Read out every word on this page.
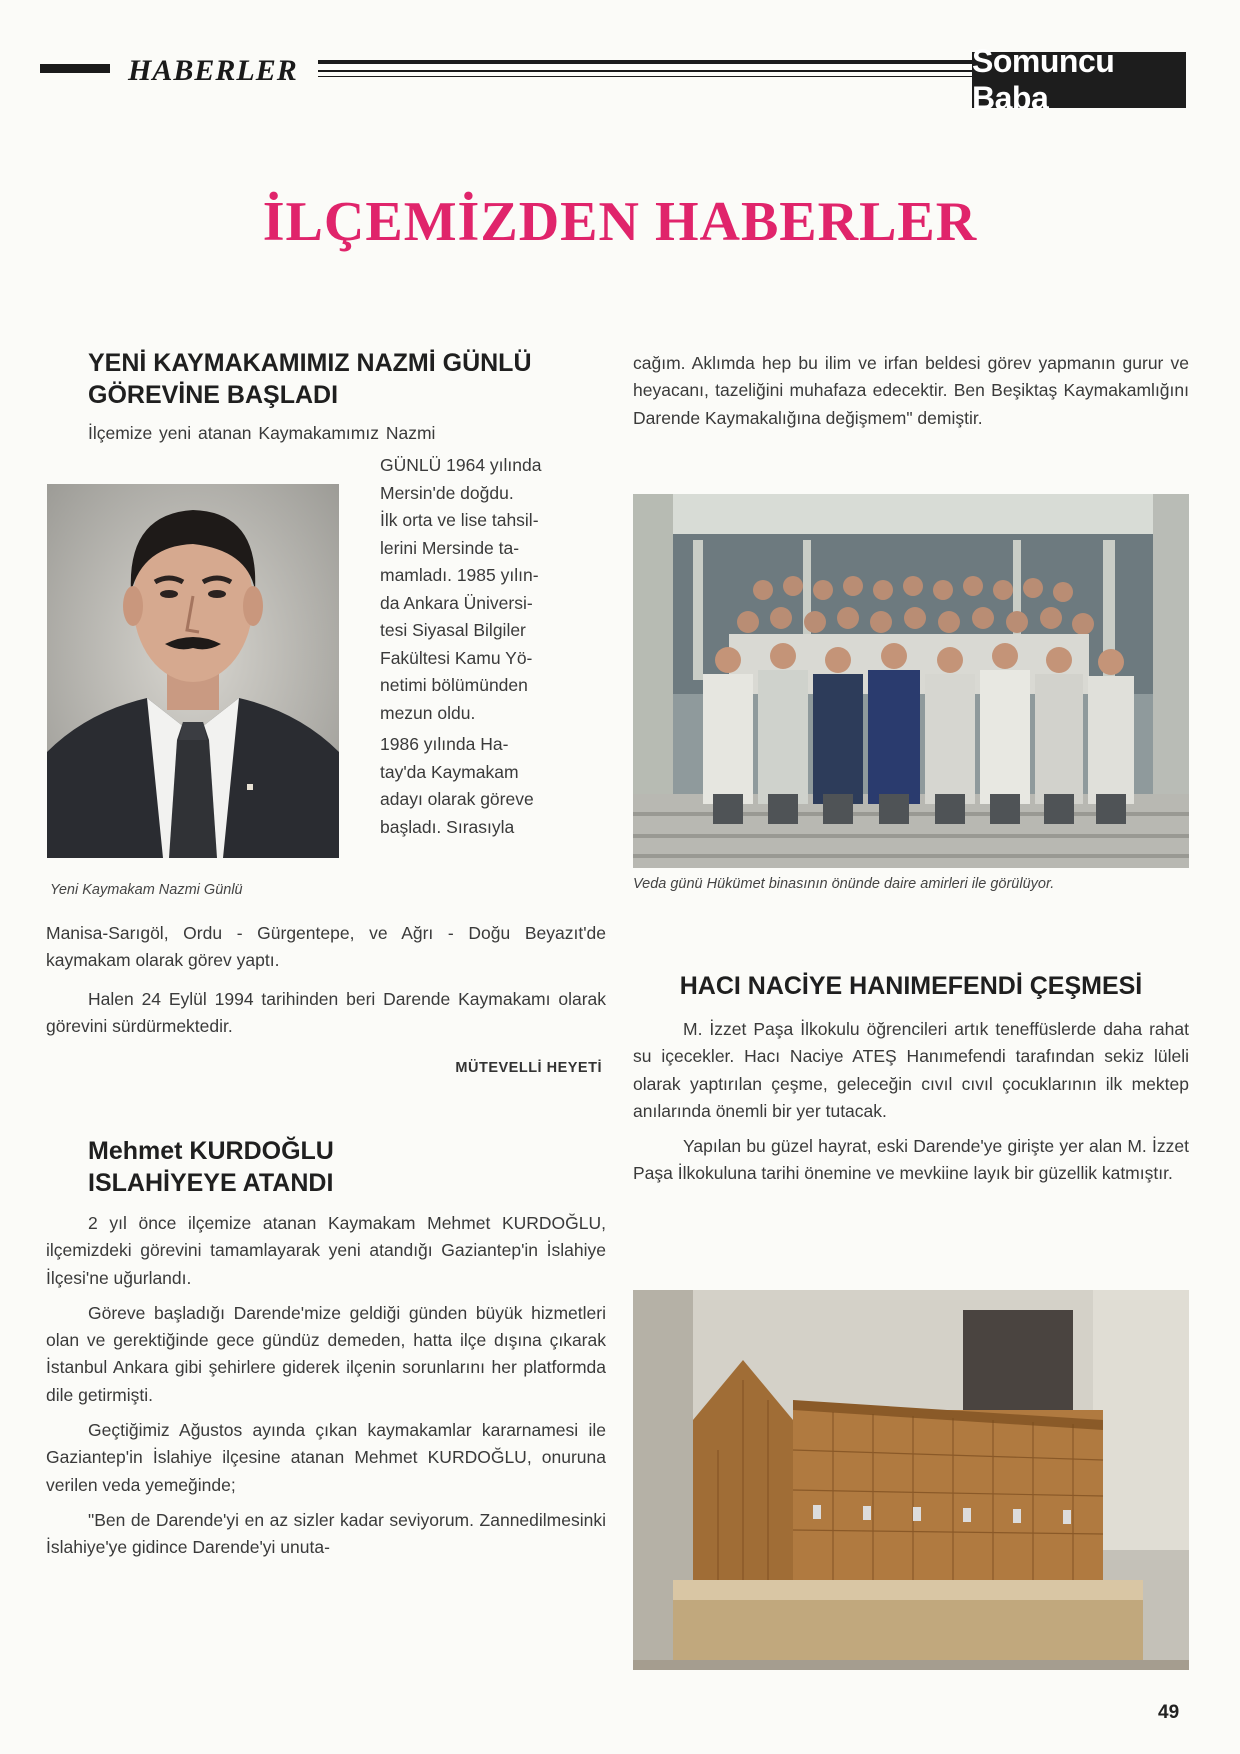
HABERLER	Somuncu Baba
İLÇEMİZDEN HABERLER
YENİ KAYMAKAMIMIZ NAZMİ GÜNLÜ
GÖREVİNE BAŞLADI
İlçemize yeni atanan Kaymakamımız Nazmi
GÜNLÜ 1964 yılında
Mersin'de doğdu.
İlk orta ve lise tahsil-
lerini Mersinde ta-
mamladı. 1985 yılın-
da Ankara Üniversi-
tesi Siyasal Bilgiler
Fakültesi Kamu Yö-
netimi bölümünden
mezun oldu.
1986 yılında Ha-
tay'da Kaymakam
adayı olarak göreve
başladı. Sırasıyla
Yeni Kaymakam Nazmi Günlü
Manisa-Sarıgöl, Ordu - Gürgentepe, ve Ağrı - Doğu Beyazıt'de kaymakam olarak görev yaptı.
Halen 24 Eylül 1994 tarihinden beri Darende Kaymakamı olarak görevini sürdürmektedir.
MÜTEVELLİ HEYETİ
Mehmet KURDOĞLU
ISLAHİYEYE ATANDI

2 yıl önce ilçemize atanan Kaymakam Mehmet KURDOĞLU, ilçemizdeki görevini tamamlayarak yeni atandığı Gaziantep'in İslahiye İlçesi'ne uğurlandı.

Göreve başladığı Darende'mize geldiği günden büyük hizmetleri olan ve gerektiğinde gece gündüz demeden, hatta ilçe dışına çıkarak İstanbul Ankara gibi şehirlere giderek ilçenin sorunlarını her platformda dile getirmişti.

Geçtiğimiz Ağustos ayında çıkan kaymakamlar kararnamesi ile Gaziantep'in İslahiye ilçesine atanan Mehmet KURDOĞLU, onuruna verilen veda yemeğinde;

"Ben de Darende'yi en az sizler kadar seviyorum. Zannedilmesinki İslahiye'ye gidince Darende'yi unuta-

cağım. Aklımda hep bu ilim ve irfan beldesi görev yapmanın gurur ve heyacanı, tazeliğini muhafaza edecektir. Ben Beşiktaş Kaymakamlığını Darende Kaymakalığına değişmem" demiştir.
Veda günü Hükümet binasının önünde daire amirleri ile görülüyor.
HACI NACİYE HANIMEFENDİ ÇEŞMESİ

M. İzzet Paşa İlkokulu öğrencileri artık teneffüslerde daha rahat su içecekler. Hacı Naciye ATEŞ Hanımefendi tarafından sekiz lüleli olarak yaptırılan çeşme, geleceğin cıvıl cıvıl çocuklarının ilk mektep anılarında önemli bir yer tutacak.

Yapılan bu güzel hayrat, eski Darende'ye girişte yer alan M. İzzet Paşa İlkokuluna tarihi önemine ve mevkiine layık bir güzellik katmıştır.

49
